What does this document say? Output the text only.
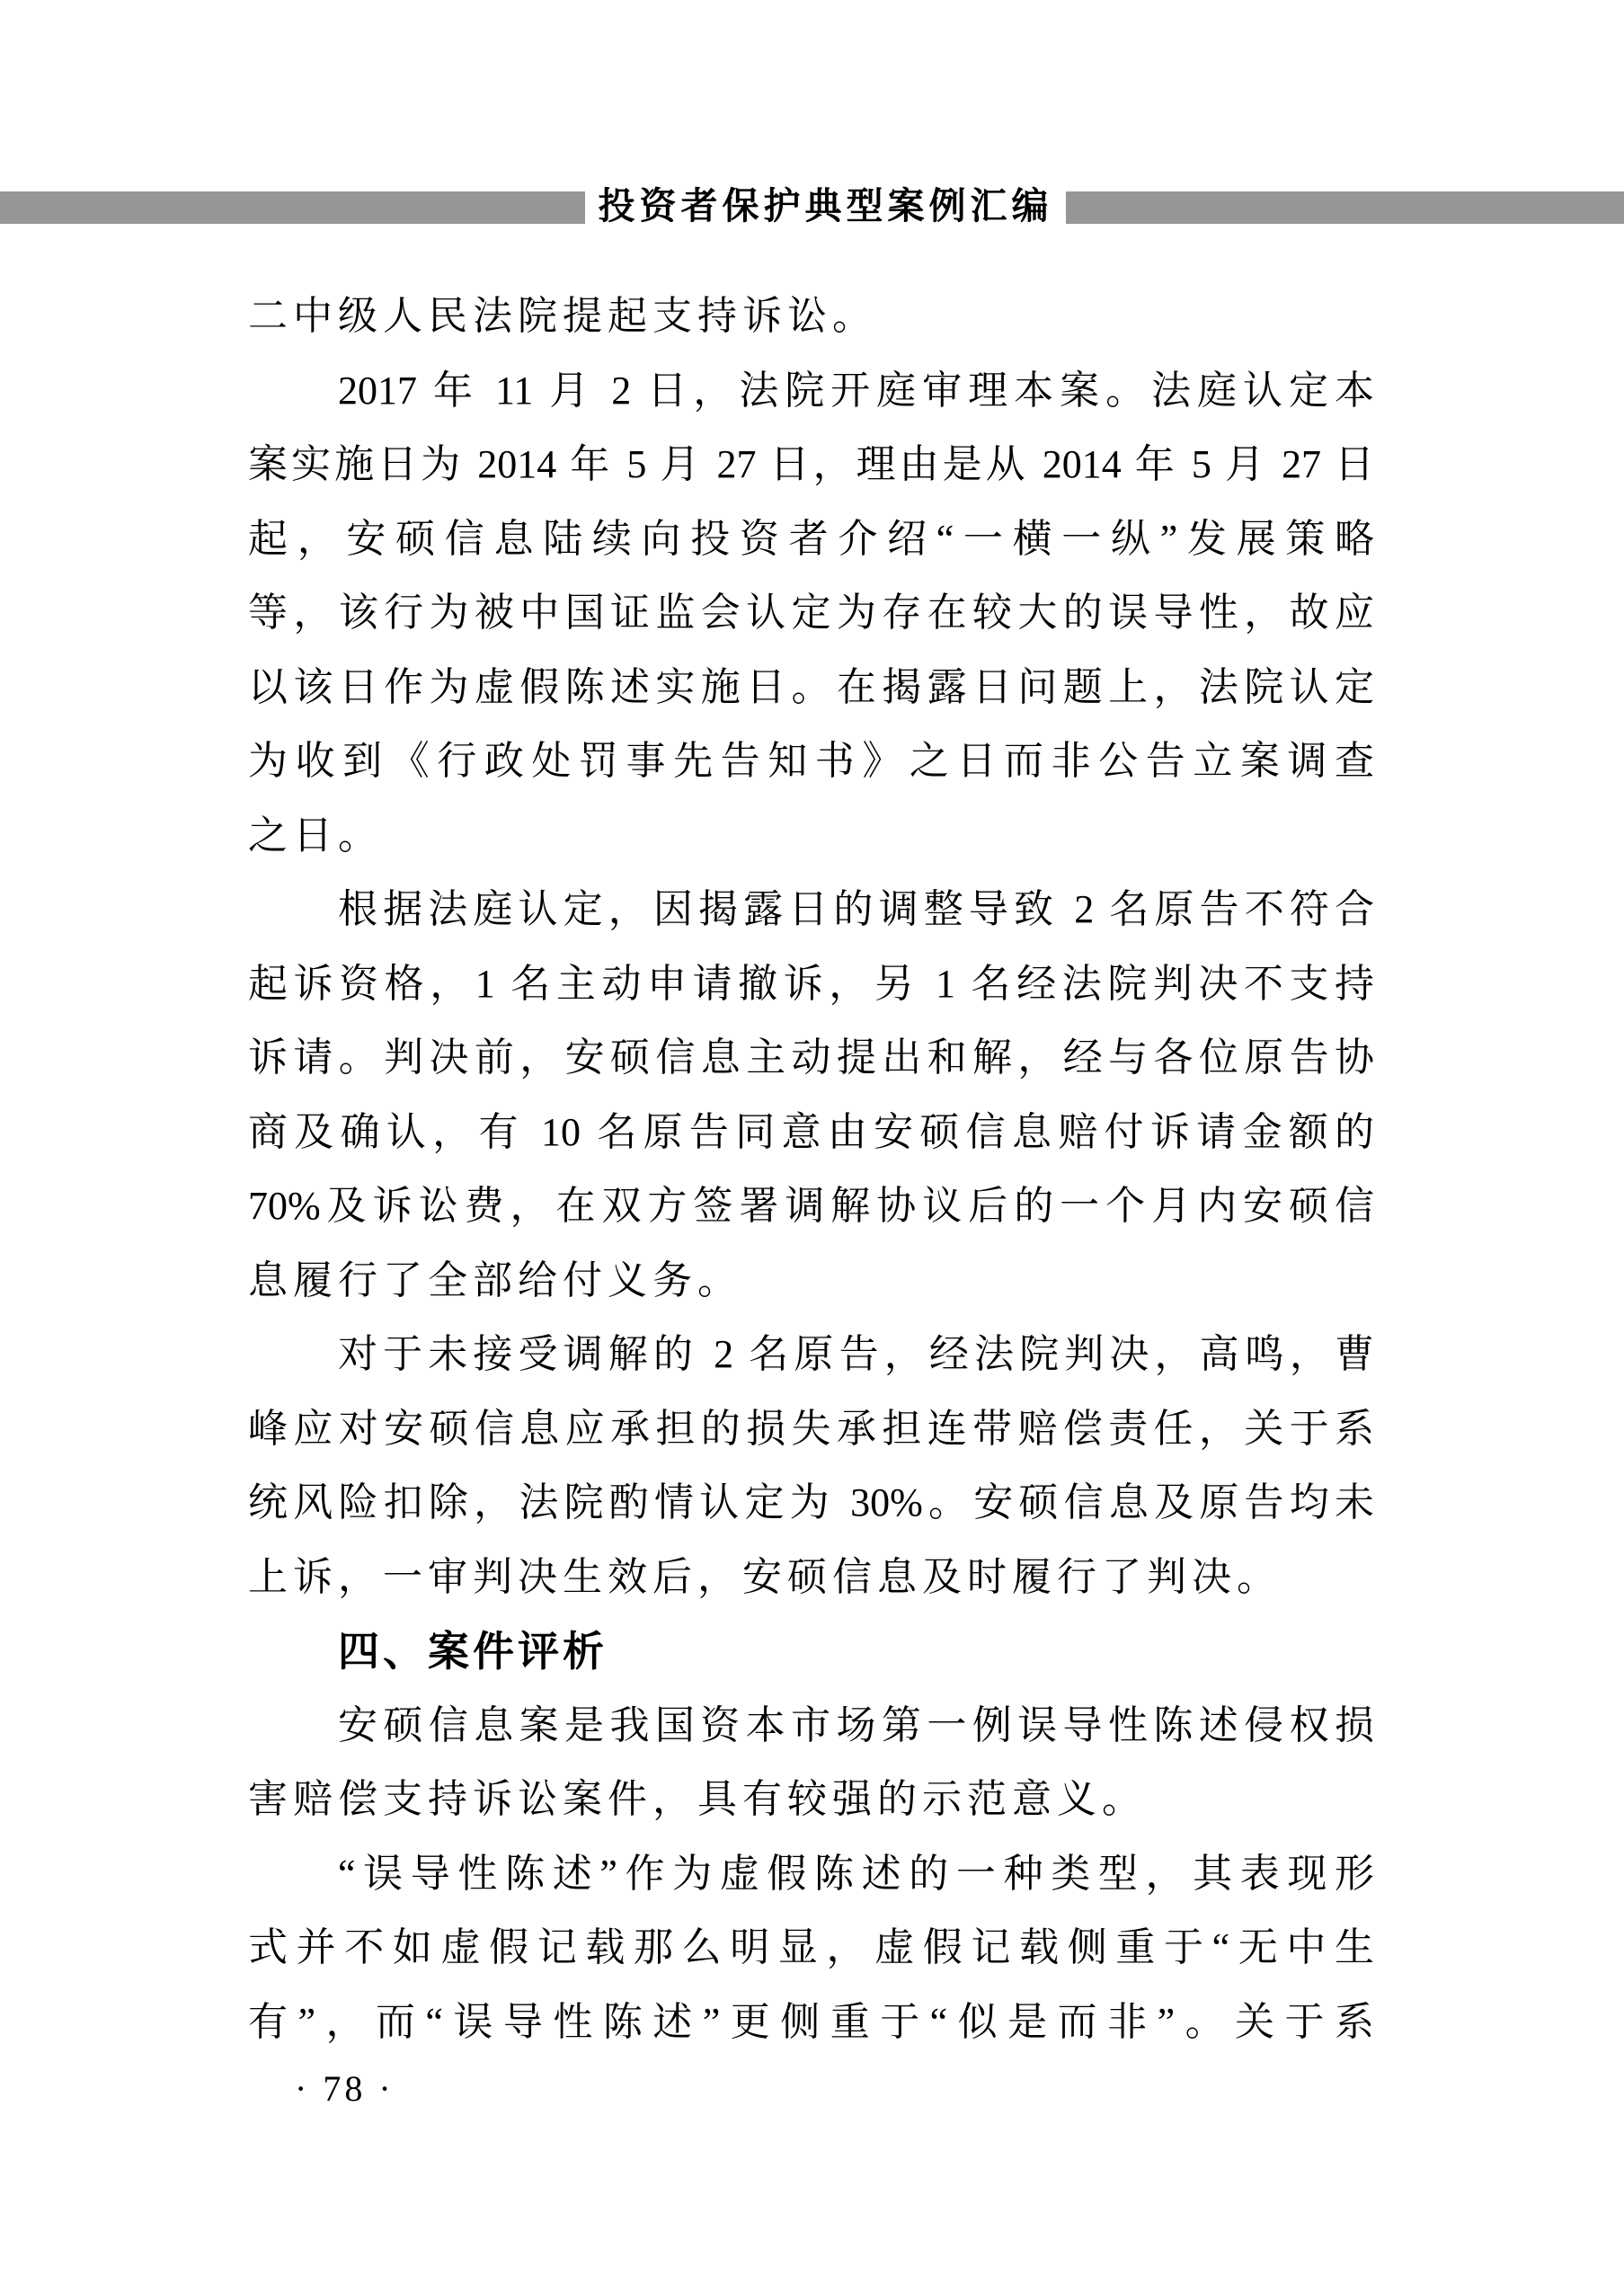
投资者保护典型案例汇编
二中级人民法院提起支持诉讼。
2017 年 11 月 2 日，法院开庭审理本案。法庭认定本
案实施日为 2014 年 5 月 27 日，理由是从 2014 年 5 月 27 日
起，安硕信息陆续向投资者介绍“一横一纵”发展策略
等，该行为被中国证监会认定为存在较大的误导性，故应
以该日作为虚假陈述实施日。在揭露日问题上，法院认定
为收到《行政处罚事先告知书》之日而非公告立案调查
之日。
根据法庭认定，因揭露日的调整导致 2 名原告不符合
起诉资格，1 名主动申请撤诉，另 1 名经法院判决不支持
诉请。判决前，安硕信息主动提出和解，经与各位原告协
商及确认，有 10 名原告同意由安硕信息赔付诉请金额的
70%及诉讼费，在双方签署调解协议后的一个月内安硕信
息履行了全部给付义务。
对于未接受调解的 2 名原告，经法院判决，高鸣，曹
峰应对安硕信息应承担的损失承担连带赔偿责任，关于系
统风险扣除，法院酌情认定为 30%。安硕信息及原告均未
上诉，一审判决生效后，安硕信息及时履行了判决。
四、案件评析
安硕信息案是我国资本市场第一例误导性陈述侵权损
害赔偿支持诉讼案件，具有较强的示范意义。
“误导性陈述”作为虚假陈述的一种类型，其表现形
式并不如虚假记载那么明显，虚假记载侧重于“无中生
有”，而“误导性陈述”更侧重于“似是而非”。关于系
· 78 ·
